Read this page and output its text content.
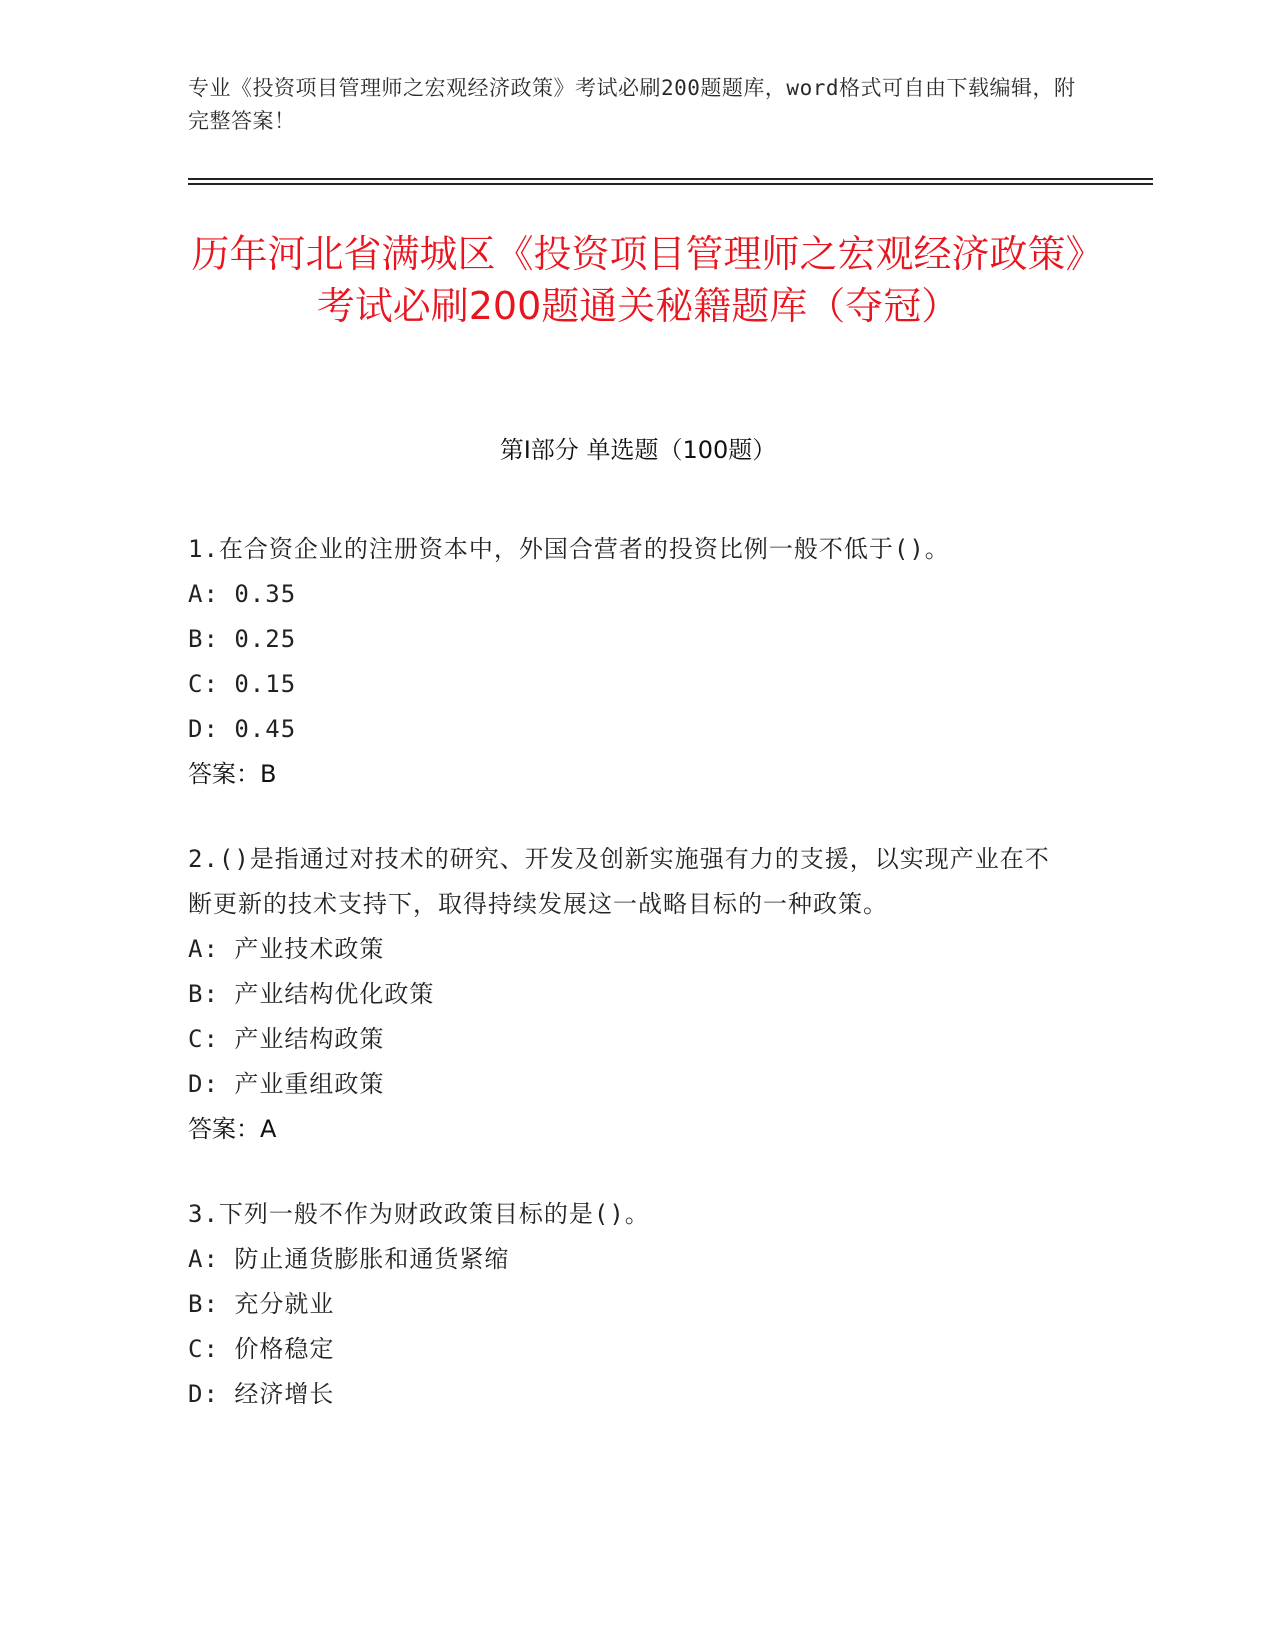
专业《投资项目管理师之宏观经济政策》考试必刷200题题库，word格式可自由下载编辑，附完整答案！
历年河北省满城区《投资项目管理师之宏观经济政策》考试必刷200题通关秘籍题库（夺冠）
第I部分 单选题（100题）
1.在合资企业的注册资本中，外国合营者的投资比例一般不低于()。
A: 0.35
B: 0.25
C: 0.15
D: 0.45
答案：B
2.()是指通过对技术的研究、开发及创新实施强有力的支援，以实现产业在不断更新的技术支持下，取得持续发展这一战略目标的一种政策。
A: 产业技术政策
B: 产业结构优化政策
C: 产业结构政策
D: 产业重组政策
答案：A
3.下列一般不作为财政政策目标的是()。
A: 防止通货膨胀和通货紧缩
B: 充分就业
C: 价格稳定
D: 经济增长
